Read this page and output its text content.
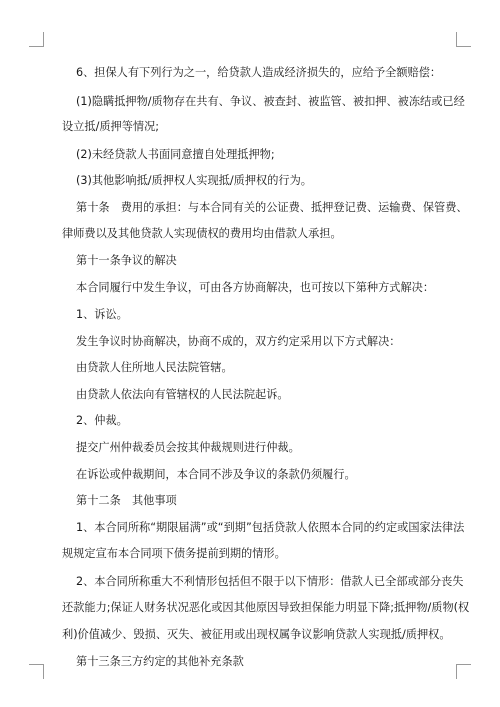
6、担保人有下列行为之一，给贷款人造成经济损失的，应给予全额赔偿：
(1)隐瞒抵押物/质物存在共有、争议、被查封、被监管、被扣押、被冻结或已经
设立抵/质押等情况;
(2)未经贷款人书面同意擅自处理抵押物;
(3)其他影响抵/质押权人实现抵/质押权的行为。
第十条　费用的承担：与本合同有关的公证费、抵押登记费、运输费、保管费、
律师费以及其他贷款人实现债权的费用均由借款人承担。
第十一条争议的解决
本合同履行中发生争议，可由各方协商解决，也可按以下第种方式解决：
1、诉讼。
发生争议时协商解决，协商不成的，双方约定采用以下方式解决：
由贷款人住所地人民法院管辖。
由贷款人依法向有管辖权的人民法院起诉。
2、仲裁。
提交广州仲裁委员会按其仲裁规则进行仲裁。
在诉讼或仲裁期间，本合同不涉及争议的条款仍须履行。
第十二条　其他事项
1、本合同所称“期限届满”或“到期”包括贷款人依照本合同的约定或国家法律法
规规定宣布本合同项下债务提前到期的情形。
2、本合同所称重大不利情形包括但不限于以下情形：借款人已全部或部分丧失
还款能力;保证人财务状况恶化或因其他原因导致担保能力明显下降;抵押物/质物(权
利)价值减少、毁损、灭失、被征用或出现权属争议影响贷款人实现抵/质押权。
第十三条三方约定的其他补充条款
